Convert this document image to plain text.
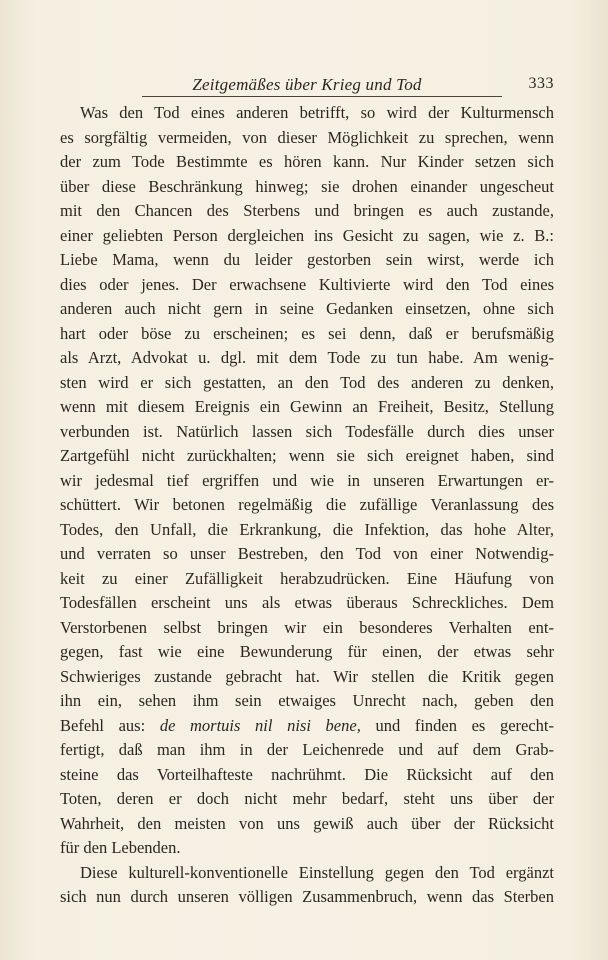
Zeitgemäßes über Krieg und Tod	333
Was den Tod eines anderen betrifft, so wird der Kulturmensch
es sorgfältig vermeiden, von dieser Möglichkeit zu sprechen, wenn
der zum Tode Bestimmte es hören kann. Nur Kinder setzen sich
über diese Beschränkung hinweg; sie drohen einander ungescheut
mit den Chancen des Sterbens und bringen es auch zustande,
einer geliebten Person dergleichen ins Gesicht zu sagen, wie z. B.:
Liebe Mama, wenn du leider gestorben sein wirst, werde ich
dies oder jenes. Der erwachsene Kultivierte wird den Tod eines
anderen auch nicht gern in seine Gedanken einsetzen, ohne sich
hart oder böse zu erscheinen; es sei denn, daß er berufsmäßig
als Arzt, Advokat u. dgl. mit dem Tode zu tun habe. Am wenig-
sten wird er sich gestatten, an den Tod des anderen zu denken,
wenn mit diesem Ereignis ein Gewinn an Freiheit, Besitz, Stellung
verbunden ist. Natürlich lassen sich Todesfälle durch dies unser
Zartgefühl nicht zurückhalten; wenn sie sich ereignet haben, sind
wir jedesmal tief ergriffen und wie in unseren Erwartungen er-
schüttert. Wir betonen regelmäßig die zufällige Veranlassung des
Todes, den Unfall, die Erkrankung, die Infektion, das hohe Alter,
und verraten so unser Bestreben, den Tod von einer Notwendig-
keit zu einer Zufälligkeit herabzudrücken. Eine Häufung von
Todesfällen erscheint uns als etwas überaus Schreckliches. Dem
Verstorbenen selbst bringen wir ein besonderes Verhalten ent-
gegen, fast wie eine Bewunderung für einen, der etwas sehr
Schwieriges zustande gebracht hat. Wir stellen die Kritik gegen
ihn ein, sehen ihm sein etwaiges Unrecht nach, geben den
Befehl aus: de mortuis nil nisi bene, und finden es gerecht-
fertigt, daß man ihm in der Leichenrede und auf dem Grab-
steine das Vorteilhafteste nachrühmt. Die Rücksicht auf den
Toten, deren er doch nicht mehr bedarf, steht uns über der
Wahrheit, den meisten von uns gewiß auch über der Rücksicht
für den Lebenden.
Diese kulturell-konventionelle Einstellung gegen den Tod ergänzt
sich nun durch unseren völligen Zusammenbruch, wenn das Sterben
